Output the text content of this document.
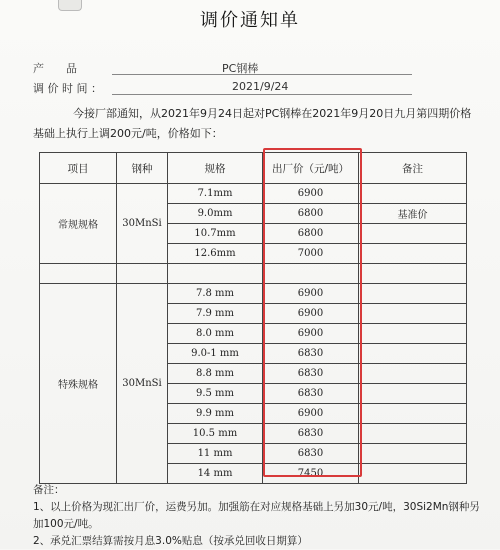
调价通知单
产　　品	PC钢棒
调 价 时 间 ：	2021/9/24
今接厂部通知，从2021年9月24日起对PC钢棒在2021年9月20日九月第四期价格基础上执行上调200元/吨，价格如下：
项目	钢种	规格	出厂价（元/吨）	备注
常规规格	30MnSi	7.1mm	6900	
		9.0mm	6800	基准价
		10.7mm	6800	
		12.6mm	7000	

特殊规格	30MnSi	7.8 mm	6900	
		7.9 mm	6900	
		8.0 mm	6900	
		9.0-1 mm	6830	
		8.8 mm	6830	
		9.5 mm	6830	
		9.9 mm	6900	
		10.5 mm	6830	
		11 mm	6830	
		14 mm	7450	
备注：
1、以上价格为现汇出厂价，运费另加。加强筋在对应规格基础上另加30元/吨，30Si2Mn钢种另加100元/吨。
2、承兑汇票结算需按月息3.0%贴息（按承兑回收日期算）
